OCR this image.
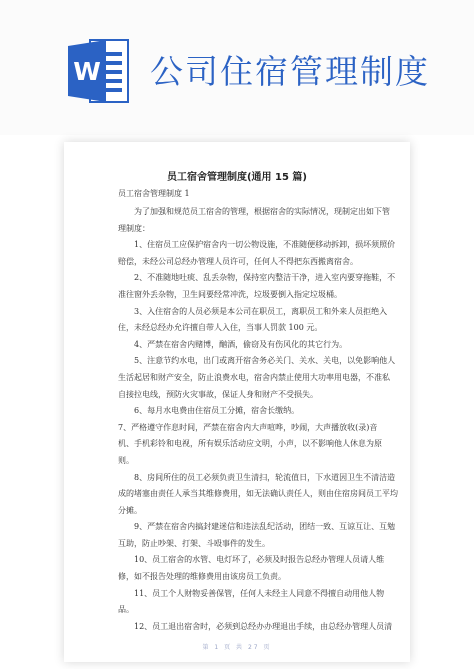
W 公司住宿管理制度
员工宿舍管理制度(通用 15 篇)
员工宿舍管理制度 1
为了加强和规范员工宿舍的管理，根据宿舍的实际情况，现制定出如下管
理制度：
1、住宿员工应保护宿舍内一切公物设施，不准随便移动拆卸，损坏须照价
赔偿，未经公司总经办管理人员许可，任何人不得把东西搬离宿舍。
2、不准随地吐痰、乱丢杂物，保持室内整洁干净，进入室内要穿拖鞋，不
准往窗外丢杂物，卫生间要经常冲洗，垃圾要倒入指定垃圾桶。
3、入住宿舍的人员必须是本公司在职员工，离职员工和外来人员拒绝入
住，未经总经办允许擅自带人入住，当事人罚款 100 元。
4、严禁在宿舍内赌博，酗酒，偷窃及有伤风化的其它行为。
5、注意节约水电，出门或离开宿舍务必关门、关水、关电，以免影响他人
生活起居和财产安全，防止浪费水电，宿舍内禁止使用大功率用电器，不准私
自接拉电线，预防火灾事故，保证人身和财产不受损失。
6、每月水电费由住宿员工分摊，宿舍长缴纳。
7、严格遵守作息时间，严禁在宿舍内大声喧哗，吵闹，大声播放收(录)音
机、手机彩铃和电视，所有娱乐活动应文明，小声，以不影响他人休息为原
则。
8、房间所住的员工必须负责卫生清扫，轮流值日，下水道因卫生不清洁造
成的堵塞由责任人承当其维修费用，如无法确认责任人，则由住宿房间员工平均
分摊。
9、严禁在宿舍内搞封建迷信和违法乱纪活动，团结一致、互谅互让、互勉
互助，防止吵架、打架、斗殴事件的发生。
10、员工宿舍的水管、电灯坏了，必须及时报告总经办管理人员请人维
修，如不报告处理的维修费用由该房员工负责。
11、员工个人财物妥善保管，任何人未经主人同意不得擅自动用他人物
品。
12、员工退出宿舍时，必须到总经办办理退出手续，由总经办管理人员清
第 1 页 共 27 页
